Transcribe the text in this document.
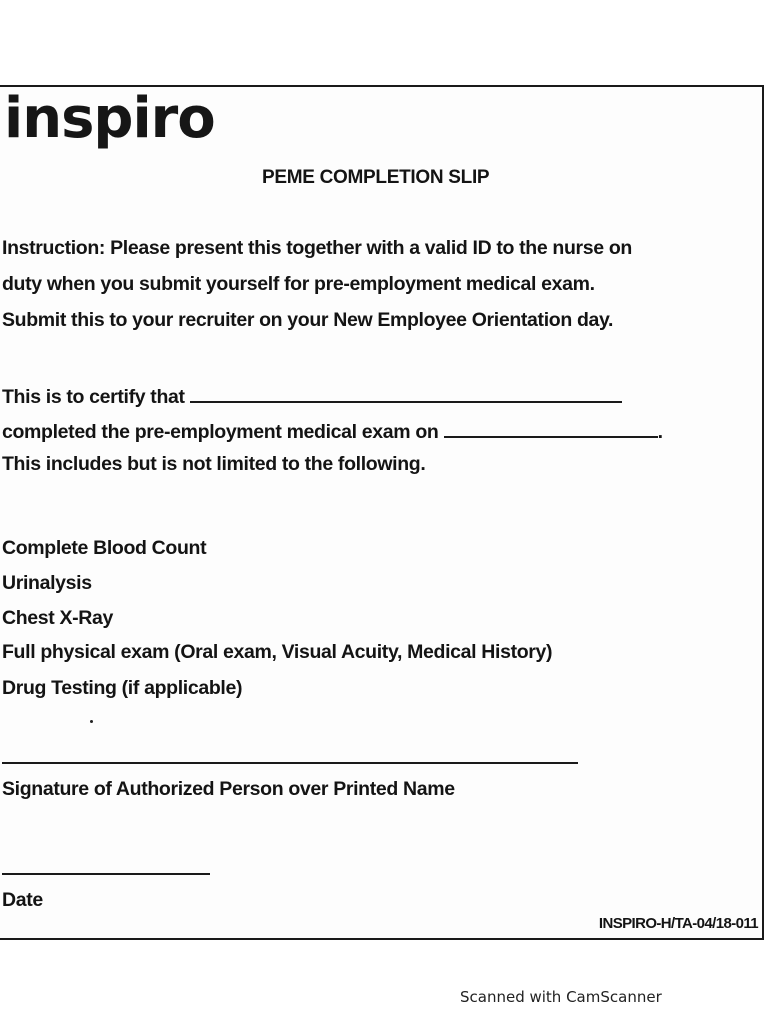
inspiro
PEME COMPLETION SLIP
Instruction: Please present this together with a valid ID to the nurse on
duty when you submit yourself for pre-employment medical exam.
Submit this to your recruiter on your New Employee Orientation day.
This is to certify that
completed the pre-employment medical exam on	.
This includes but is not limited to the following.
Complete Blood Count
Urinalysis
Chest X-Ray
Full physical exam (Oral exam, Visual Acuity, Medical History)
Drug Testing (if applicable)
Signature of Authorized Person over Printed Name
Date
INSPIRO-H/TA-04/18-011
Scanned with CamScanner
